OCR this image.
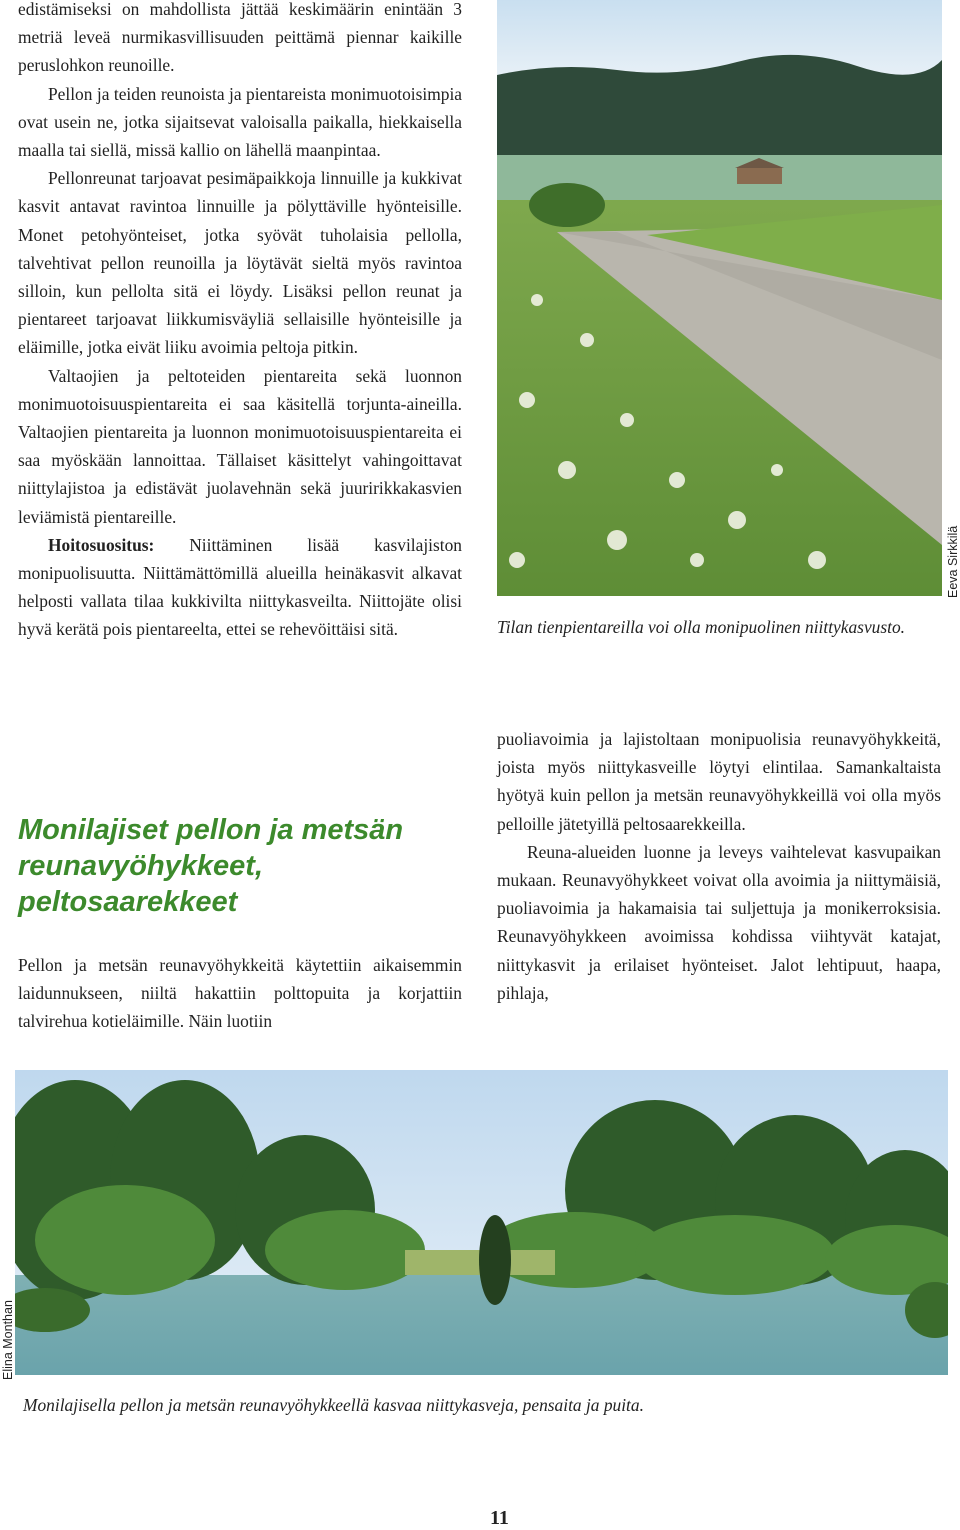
edistämiseksi on mahdollista jättää keskimäärin enintään 3 metriä leveä nurmikasvillisuuden peittämä piennar kaikille peruslohkon reunoille.

Pellon ja teiden reunoista ja pientareista monimuotoisimpia ovat usein ne, jotka sijaitsevat valoisalla paikalla, hiekkaisella maalla tai siellä, missä kallio on lähellä maanpintaa.

Pellonreunat tarjoavat pesimäpaikkoja linnuille ja kukkivat kasvit antavat ravintoa linnuille ja pölyttäville hyönteisille. Monet petohyönteiset, jotka syövät tuholaisia pellolla, talvehtivat pellon reunoilla ja löytävät sieltä myös ravintoa silloin, kun pellolta sitä ei löydy. Lisäksi pellon reunat ja pientareet tarjoavat liikkumisväyliä sellaisille hyönteisille ja eläimille, jotka eivät liiku avoimia peltoja pitkin.

Valtaojien ja peltoteiden pientareita sekä luonnon monimuotoisuuspientareita ei saa käsitellä torjunta-aineilla. Valtaojien pientareita ja luonnon monimuotoisuuspientareita ei saa myöskään lannoittaa. Tällaiset käsittelyt vahingoittavat niittylajistoa ja edistävät juolavehnän sekä juuririkkakasvien leviämistä pientareille.

Hoitosuositus: Niittäminen lisää kasvilajiston monipuolisuutta. Niittämättömillä alueilla heinäkasvit alkavat helposti vallata tilaa kukkivilta niittykasveilta. Niittojäte olisi hyvä kerätä pois pientareelta, ettei se rehevöittäisi sitä.

Monilajiset pellon ja metsän reunavyöhykkeet, peltosaarekkeet

Pellon ja metsän reunavyöhykkeitä käytettiin aikaisemmin laidunnukseen, niiltä hakattiin polttopuita ja korjattiin talvirehua kotieläimille. Näin luotiin

puoliavoimia ja lajistoltaan monipuolisia reunavyöhykkeitä, joista myös niittykasveille löytyi elintilaa. Samankaltaista hyötyä kuin pellon ja metsän reunavyöhykkeillä voi olla myös pelloille jätetyillä peltosaarekkeilla.

Reuna-alueiden luonne ja leveys vaihtelevat kasvupaikan mukaan. Reunavyöhykkeet voivat olla avoimia ja niittymäisiä, puoliavoimia ja hakamaisia tai suljettuja ja monikerroksisia. Reunavyöhykkeen avoimissa kohdissa viihtyvät katajat, niittykasvit ja erilaiset hyönteiset. Jalot lehtipuut, haapa, pihlaja,

Tilan tienpientareilla voi olla monipuolinen niittykasvusto.
Eeva Sirkkilä
Monilajisella pellon ja metsän reunavyöhykkeellä kasvaa niittykasveja, pensaita ja puita.
Elina Monthan
11
